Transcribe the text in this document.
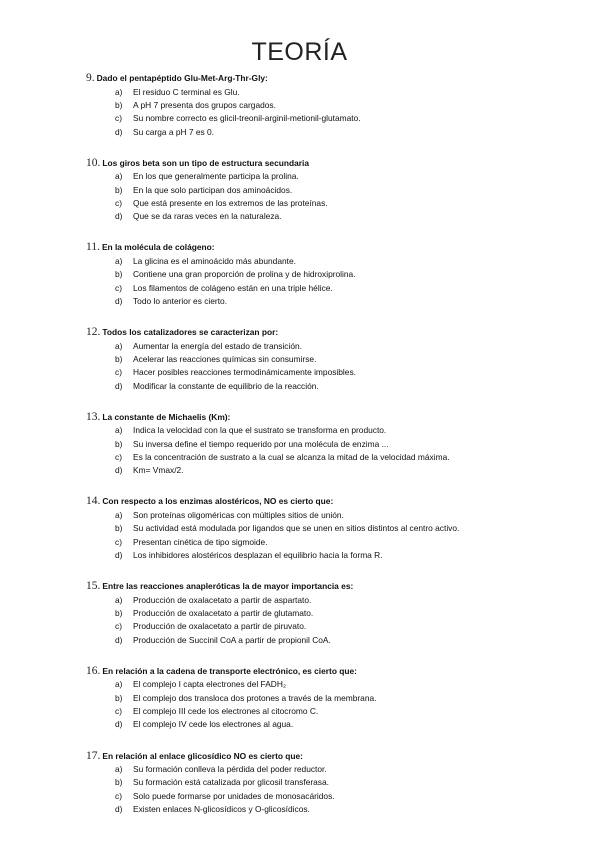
TEORÍA
9. Dado el pentapéptido Glu-Met-Arg-Thr-Gly:
a)	El residuo C terminal es Glu.
b)	A pH 7 presenta dos grupos cargados.
c)	Su nombre correcto es glicil-treonil-arginil-metionil-glutamato.
d)	Su carga a pH 7 es 0.
10. Los giros beta son un tipo de estructura secundaria
a)	En los que generalmente participa la prolina.
b)	En la que solo participan dos aminoácidos.
c)	Que está presente en los extremos de las proteínas.
d)	Que se da raras veces en la naturaleza.
11. En la molécula de colágeno:
a)	La glicina es el aminoácido más abundante.
b)	Contiene una gran proporción de prolina y de hidroxiprolina.
c)	Los filamentos de colágeno están en una triple hélice.
d)	Todo lo anterior es cierto.
12. Todos los catalizadores se caracterizan por:
a)	Aumentar la energía del estado de transición.
b)	Acelerar las reacciones químicas sin consumirse.
c)	Hacer posibles reacciones termodinámicamente imposibles.
d)	Modificar la constante de equilibrio de la reacción.
13. La constante de Michaelis (Km):
a)	Indica la velocidad con la que el sustrato se transforma en producto.
b)	Su inversa define el tiempo requerido por una molécula de enzima ...
c)	Es la concentración de sustrato a la cual se alcanza la mitad de la velocidad máxima.
d)	Km= Vmax/2.
14. Con respecto a los enzimas alostéricos, NO es cierto que:
a)	Son proteínas oligoméricas con múltiples sitios de unión.
b)	Su actividad está modulada por ligandos que se unen en sitios distintos al centro activo.
c)	Presentan cinética de tipo sigmoide.
d)	Los inhibidores alostéricos desplazan el equilibrio hacia la forma R.
15. Entre las reacciones anapleróticas la de mayor importancia es:
a)	Producción de oxalacetato a partir de aspartato.
b)	Producción de oxalacetato a partir de glutamato.
c)	Producción de oxalacetato a partir de piruvato.
d)	Producción de Succinil CoA a partir de propionil CoA.
16. En relación a la cadena de transporte electrónico, es cierto que:
a)	El complejo I capta electrones del FADH₂
b)	El complejo dos transloca dos protones a través de la membrana.
c)	El complejo III cede los electrones al citocromo C.
d)	El complejo IV cede los electrones al agua.
17. En relación al enlace glicosídico NO es cierto que:
a)	Su formación conlleva la pérdida del poder reductor.
b)	Su formación está catalizada por glicosil transferasa.
c)	Solo puede formarse por unidades de monosacáridos.
d)	Existen enlaces N-glicosídicos y O-glicosídicos.
